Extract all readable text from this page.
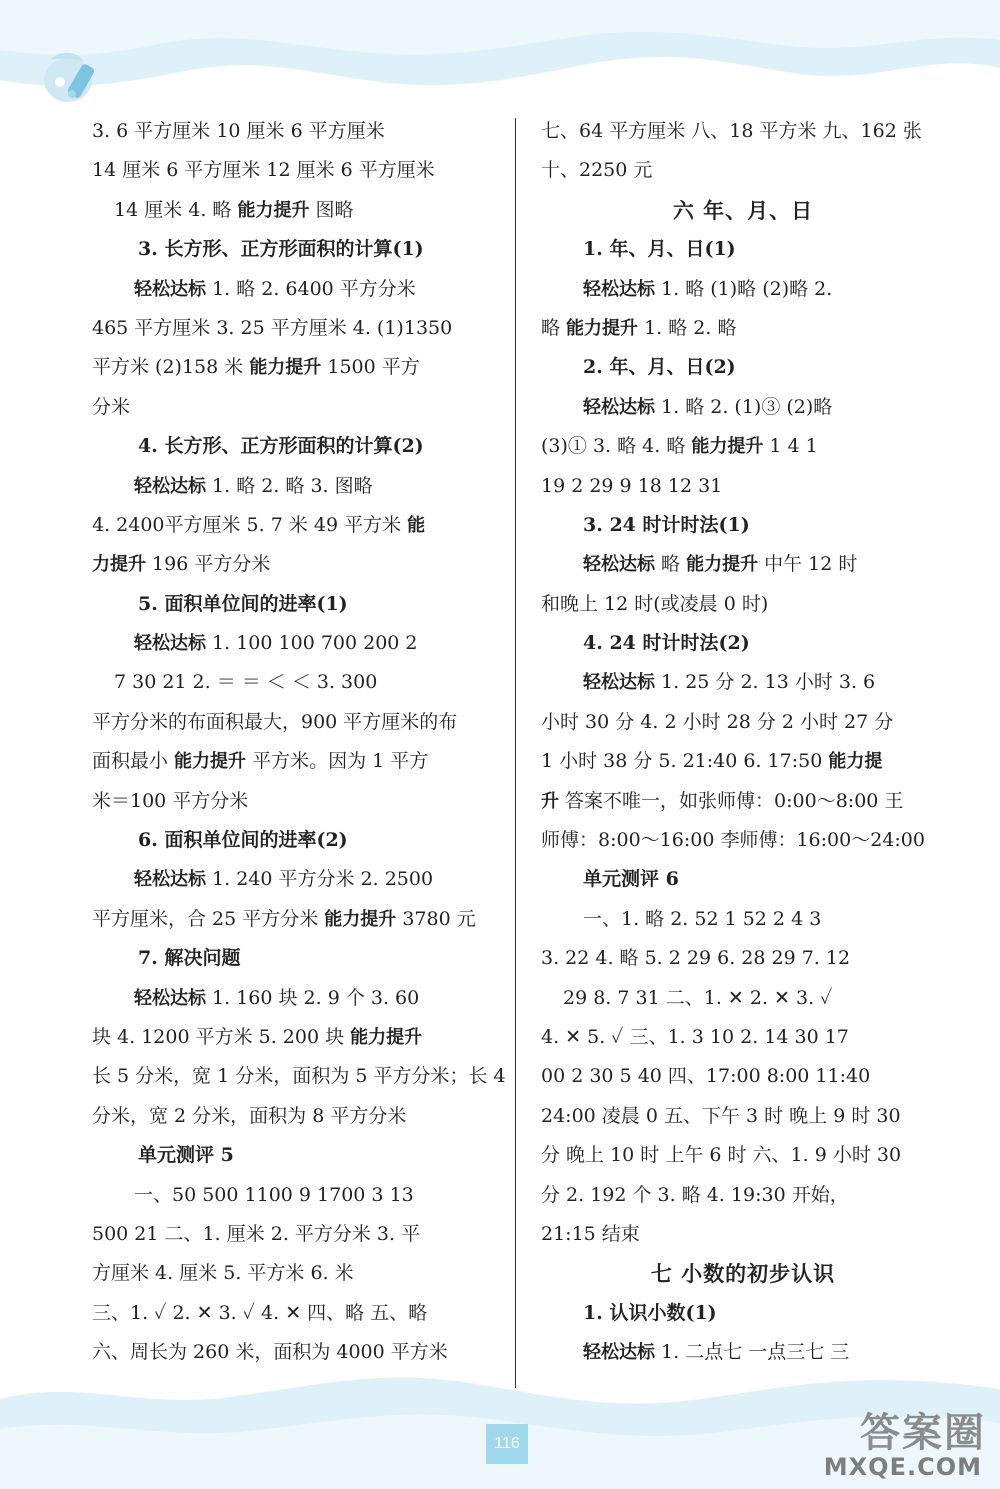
3. 6 平方厘米 10 厘米 6 平方厘米
14 厘米 6 平方厘米 12 厘米 6 平方厘米
14 厘米 4. 略 能力提升 图略
3. 长方形、正方形面积的计算(1)
轻松达标 1. 略 2. 6400 平方分米
465 平方厘米 3. 25 平方厘米 4. (1)1350
平方米 (2)158 米 能力提升 1500 平方
分米
4. 长方形、正方形面积的计算(2)
轻松达标 1. 略 2. 略 3. 图略
4. 2400平方厘米 5. 7 米 49 平方米 能
力提升 196 平方分米
5. 面积单位间的进率(1)
轻松达标 1. 100 100 700 200 2
7 30 21 2. ＝ ＝ ＜ ＜ 3. 300
平方分米的布面积最大，900 平方厘米的布
面积最小 能力提升 平方米。因为 1 平方
米＝100 平方分米
6. 面积单位间的进率(2)
轻松达标 1. 240 平方分米 2. 2500
平方厘米，合 25 平方分米 能力提升 3780 元
7. 解决问题
轻松达标 1. 160 块 2. 9 个 3. 60
块 4. 1200 平方米 5. 200 块 能力提升
长 5 分米，宽 1 分米，面积为 5 平方分米；长 4
分米，宽 2 分米，面积为 8 平方分米
单元测评 5
一、50 500 1100 9 1700 3 13
500 21 二、1. 厘米 2. 平方分米 3. 平
方厘米 4. 厘米 5. 平方米 6. 米
三、1. ✓ 2. ✕ 3. ✓ 4. ✕ 四、略 五、略
六、周长为 260 米，面积为 4000 平方米
七、64 平方厘米 八、18 平方米 九、162 张
十、2250 元
六 年、月、日
1. 年、月、日(1)
轻松达标 1. 略 (1)略 (2)略 2.
略 能力提升 1. 略 2. 略
2. 年、月、日(2)
轻松达标 1. 略 2. (1)③ (2)略
(3)① 3. 略 4. 略 能力提升 1 4 1
19 2 29 9 18 12 31
3. 24 时计时法(1)
轻松达标 略 能力提升 中午 12 时
和晚上 12 时(或凌晨 0 时)
4. 24 时计时法(2)
轻松达标 1. 25 分 2. 13 小时 3. 6
小时 30 分 4. 2 小时 28 分 2 小时 27 分
1 小时 38 分 5. 21:40 6. 17:50 能力提
升 答案不唯一，如张师傅：0:00～8:00 王
师傅：8:00～16:00 李师傅：16:00～24:00
单元测评 6
一、1. 略 2. 52 1 52 2 4 3
3. 22 4. 略 5. 2 29 6. 28 29 7. 12
29 8. 7 31 二、1. ✕ 2. ✕ 3. ✓
4. ✕ 5. ✓ 三、1. 3 10 2. 14 30 17
00 2 30 5 40 四、17:00 8:00 11:40
24:00 凌晨 0 五、下午 3 时 晚上 9 时 30
分 晚上 10 时 上午 6 时 六、1. 9 小时 30
分 2. 192 个 3. 略 4. 19:30 开始，
21:15 结束
七 小数的初步认识
1. 认识小数(1)
轻松达标 1. 二点七 一点三七 三
116	答案圈
MXQE.COM
